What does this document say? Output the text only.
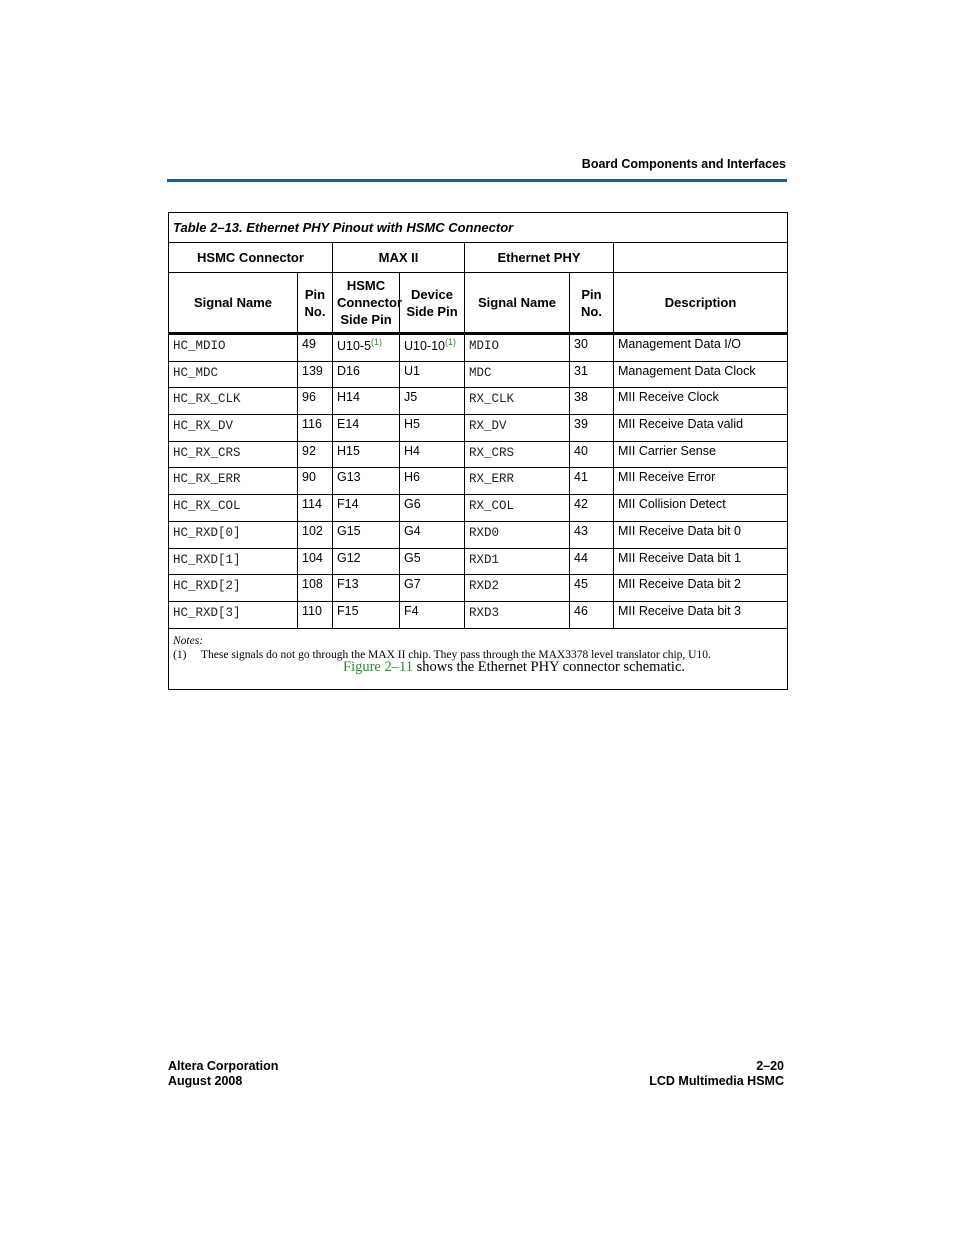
Board Components and Interfaces
Table 2–13. Ethernet PHY Pinout with HSMC Connector						
HSMC Connector		MAX II		Ethernet PHY		
Signal Name	Pin No.	HSMC Connector Side Pin	Device Side Pin	Signal Name	Pin No.	Description
HC_MDIO	49	U10-5$^{(1)}$	U10-10$^{(1)}$	MDIO	30	Management Data I/O
HC_MDC	139	D16	U1	MDC	31	Management Data Clock
HC_RX_CLK	96	H14	J5	RX_CLK	38	MII Receive Clock
HC_RX_DV	116	E14	H5	RX_DV	39	MII Receive Data valid
HC_RX_CRS	92	H15	H4	RX_CRS	40	MII Carrier Sense
HC_RX_ERR	90	G13	H6	RX_ERR	41	MII Receive Error
HC_RX_COL	114	F14	G6	RX_COL	42	MII Collision Detect
HC_RXD[0]	102	G15	G4	RXD0	43	MII Receive Data bit 0
HC_RXD[1]	104	G12	G5	RXD1	44	MII Receive Data bit 1
HC_RXD[2]	108	F13	G7	RXD2	45	MII Receive Data bit 2
HC_RXD[3]	110	F15	F4	RXD3	46	MII Receive Data bit 3

Notes:
(1) These signals do not go through the MAX II chip. They pass through the MAX3378 level translator chip, U10.						
Figure 2–11 shows the Ethernet PHY connector schematic.
Altera Corporation
August 2008
2–20
LCD Multimedia HSMC
